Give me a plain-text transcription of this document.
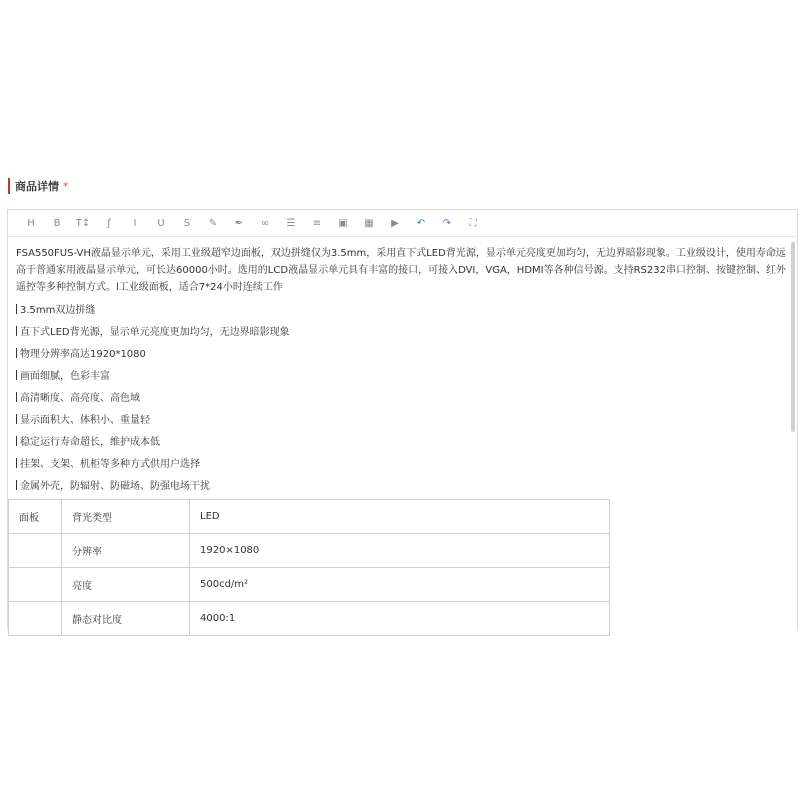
商品详情 *
H	B	T↕	ƒ	I	U	S	✎	✒	∞	☰	≡	▣	▦	▶	↶	↷	⛶
FSA550FUS-VH液晶显示单元，采用工业级超窄边面板，双边拼缝仅为3.5mm，采用直下式LED背光源，显示单元亮度更加均匀，无边界暗影现象。工业级设计，使用寿命远高于普通家用液晶显示单元，可长达60000小时。选用的LCD液晶显示单元具有丰富的接口，可接入DVI，VGA，HDMI等各种信号源。支持RS232串口控制、按键控制、红外遥控等多种控制方式。l工业级面板，适合7*24小时连续工作
3.5mm双边拼缝
直下式LED背光源，显示单元亮度更加均匀，无边界暗影现象
物理分辨率高达1920*1080
画面细腻，色彩丰富
高清晰度、高亮度、高色域
显示面积大、体积小、重量轻
稳定运行寿命超长，维护成本低
挂架、支架、机柜等多种方式供用户选择
金属外壳，防辐射、防磁场、防强电场干扰
面板	背光类型	LED
	分辨率	1920×1080
	亮度	500cd/m²
	静态对比度	4000:1
